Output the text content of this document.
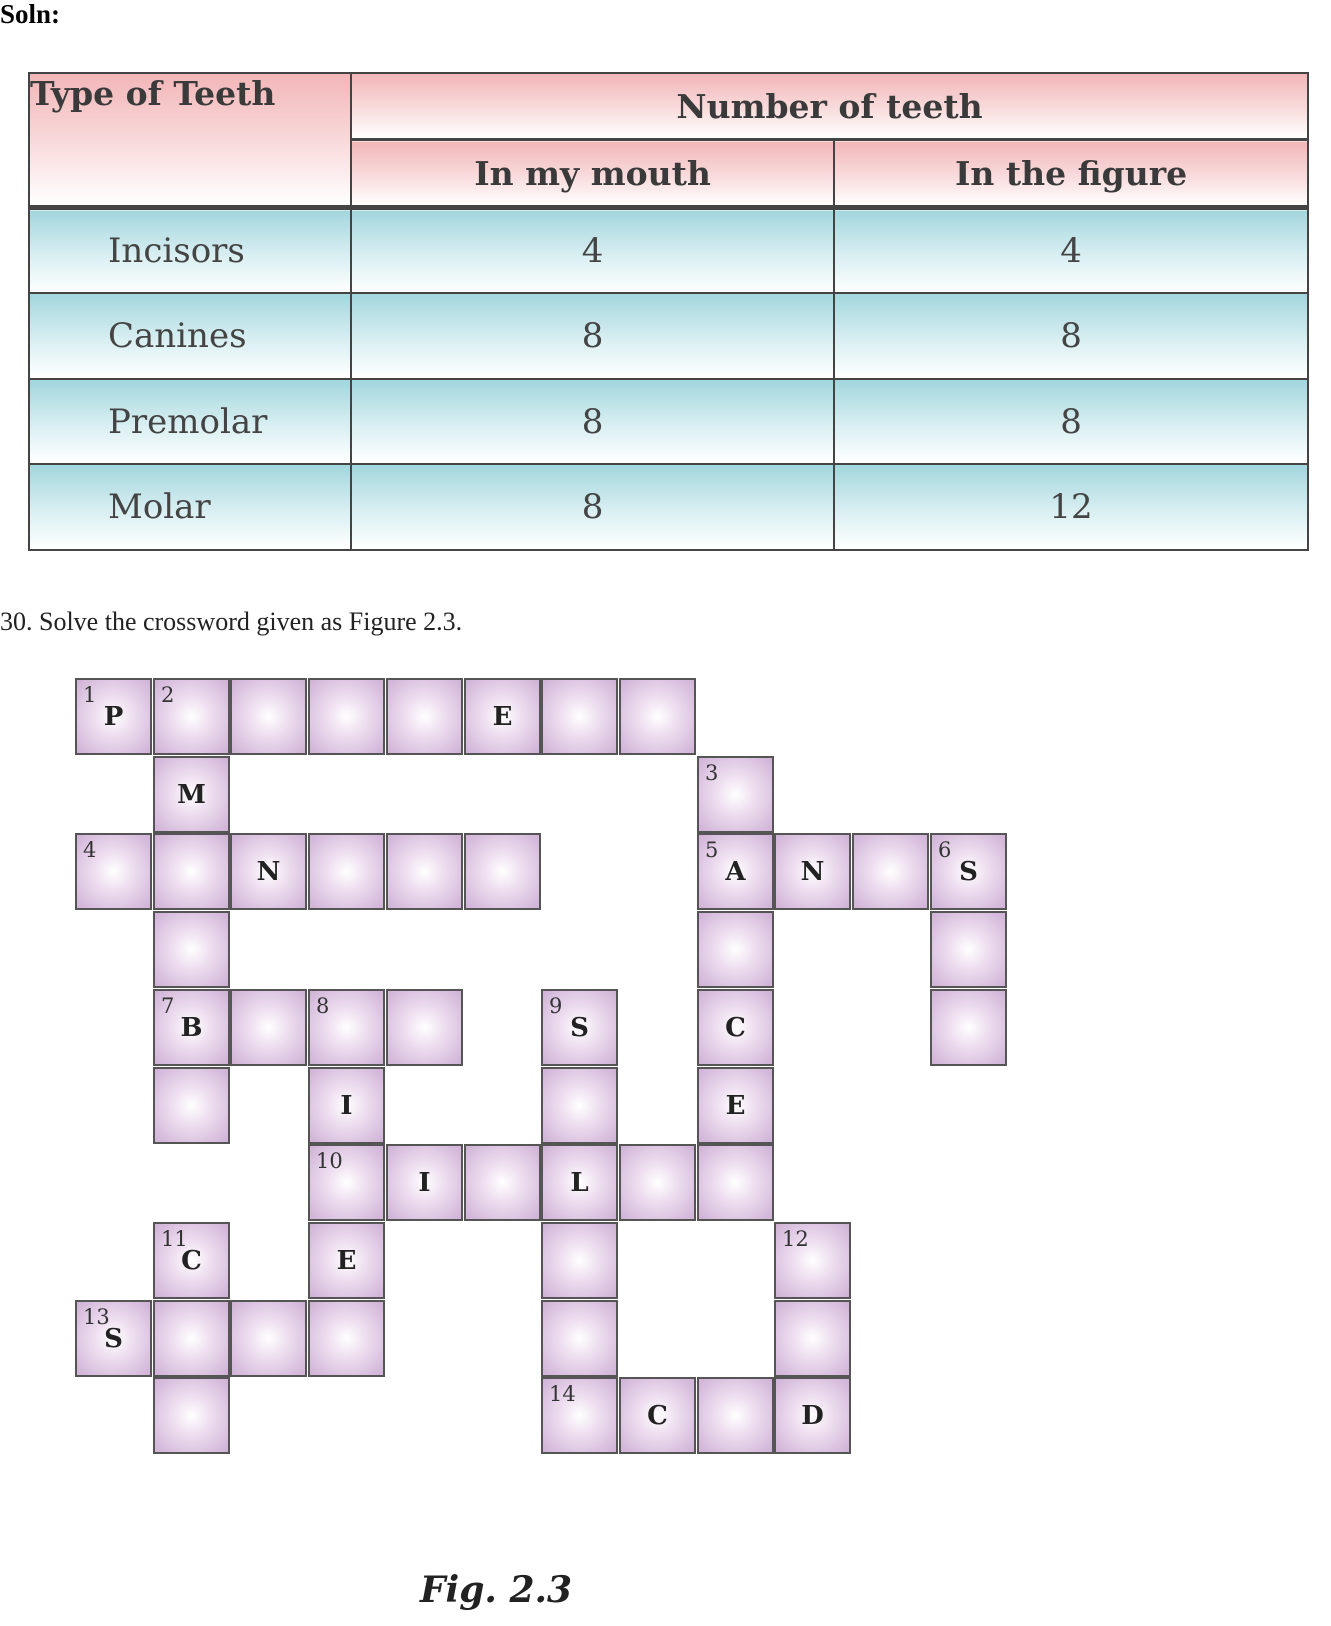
Soln:
Type of Teeth	Number of teeth	
	In my mouth	In the figure
Incisors	4	4
Canines	8	8
Premolar	8	8
Molar	8	12
30. Solve the crossword given as Figure 2.3.
1
P
2
E
M
3
4
N
5
A	N
6
S
7
B
8	9
S	C
I	E
10
I	L
11
C	E
12
13
S
14
C	D
Fig. 2.3
